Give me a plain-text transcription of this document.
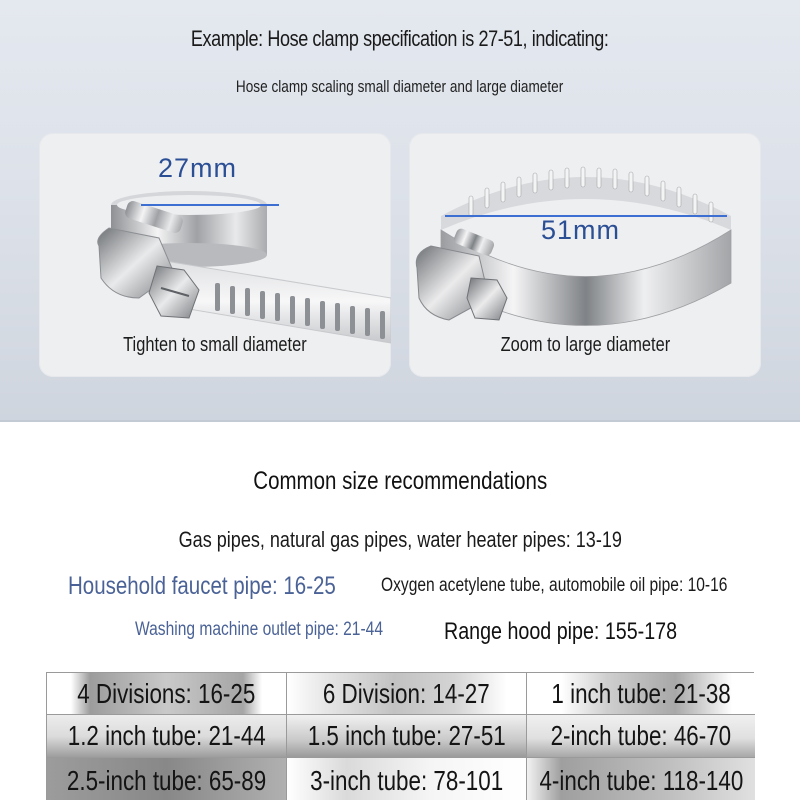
Example: Hose clamp specification is 27-51, indicating:
Hose clamp scaling small diameter and large diameter
27mm
Tighten to small diameter
51mm
Zoom to large diameter
Common size recommendations
Gas pipes, natural gas pipes, water heater pipes: 13-19
Household faucet pipe: 16-25	Oxygen acetylene tube, automobile oil pipe: 10-16
Washing machine outlet pipe: 21-44	Range hood pipe: 155-178
4 Divisions: 16-25 6 Division: 14-27 1 inch tube: 21-38
1.2 inch tube: 21-44 1.5 inch tube: 27-51 2-inch tube: 46-70
2.5-inch tube: 65-89 3-inch tube: 78-101 4-inch tube: 118-140
